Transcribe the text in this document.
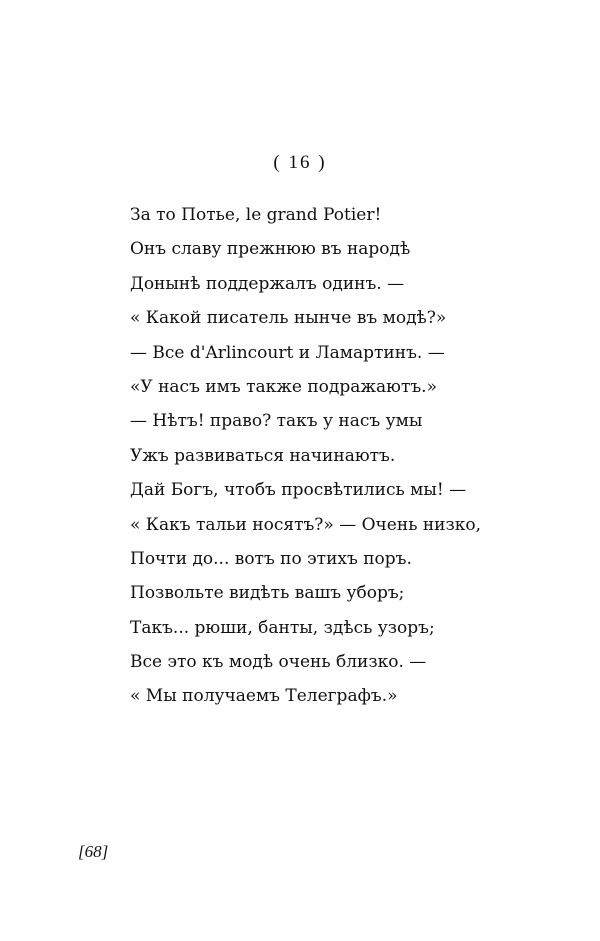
( 16 )
За то Потье, le grand Potier!
Онъ славу прежнюю въ народѣ
Донынѣ поддержалъ одинъ. —
« Какой писатель нынче въ модѣ?»
— Все d'Arlincourt и Ламартинъ. —
«У насъ имъ также подражаютъ.»
— Нѣтъ! право? такъ у насъ умы
Ужъ развиваться начинаютъ.
Дай Богъ, чтобъ просвѣтились мы! —
« Какъ тальи носятъ?» — Очень низко,
Почти до... вотъ по этихъ поръ.
Позвольте видѣть вашъ уборъ;
Такъ... рюши, банты, здѣсь узоръ;
Все это къ модѣ очень близко. —
« Мы получаемъ Телеграфъ.»
[68]
